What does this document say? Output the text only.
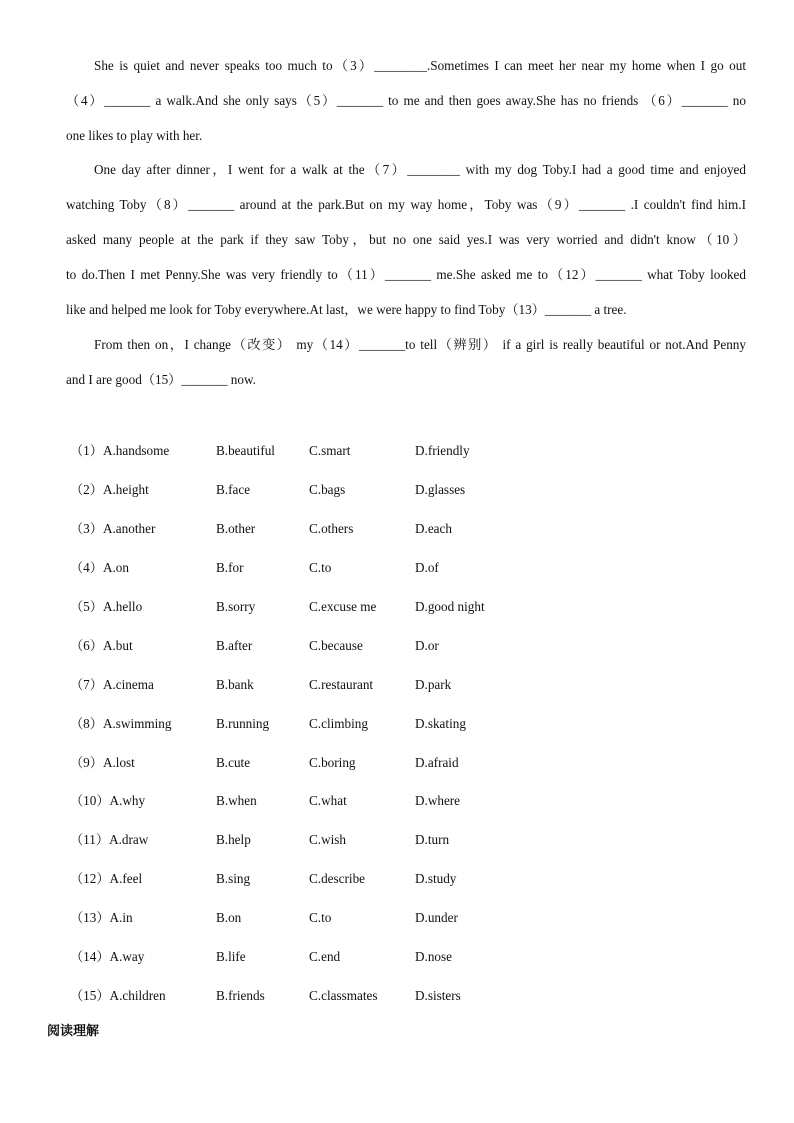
She is quiet and never speaks too much to（3）________.Sometimes I can meet her near my home when I go out
（4）_______ a walk.And she only says（5）_______ to me and then goes away.She has no friends （6）_______ no
one likes to play with her.
One day after dinner，I went for a walk at the（7）________ with my dog Toby.I had a good time and enjoyed
watching Toby（8）_______ around at the park.But on my way home，Toby was（9）_______ .I couldn't find him.I
asked many people at the park if they saw Toby，but no one said yes.I was very worried and didn't know（10）
to do.Then I met Penny.She was very friendly to（11）_______ me.She asked me to（12）_______ what Toby looked
like and helped me look for Toby everywhere.At last，we were happy to find Toby（13）_______ a tree.
From then on，I change（改变） my（14）_______to tell（辨别） if a girl is really beautiful or not.And Penny
and I are good（15）_______ now.
（1）A.handsome	B.beautiful	C.smart	D.friendly
（2）A.height	B.face	C.bags	D.glasses
（3）A.another	B.other	C.others	D.each
（4）A.on	B.for	C.to	D.of
（5）A.hello	B.sorry	C.excuse me	D.good night
（6）A.but	B.after	C.because	D.or
（7）A.cinema	B.bank	C.restaurant	D.park
（8）A.swimming	B.running	C.climbing	D.skating
（9）A.lost	B.cute	C.boring	D.afraid
（10）A.why	B.when	C.what	D.where
（11）A.draw	B.help	C.wish	D.turn
（12）A.feel	B.sing	C.describe	D.study
（13）A.in	B.on	C.to	D.under
（14）A.way	B.life	C.end	D.nose
（15）A.children	B.friends	C.classmates	D.sisters
阅读理解
